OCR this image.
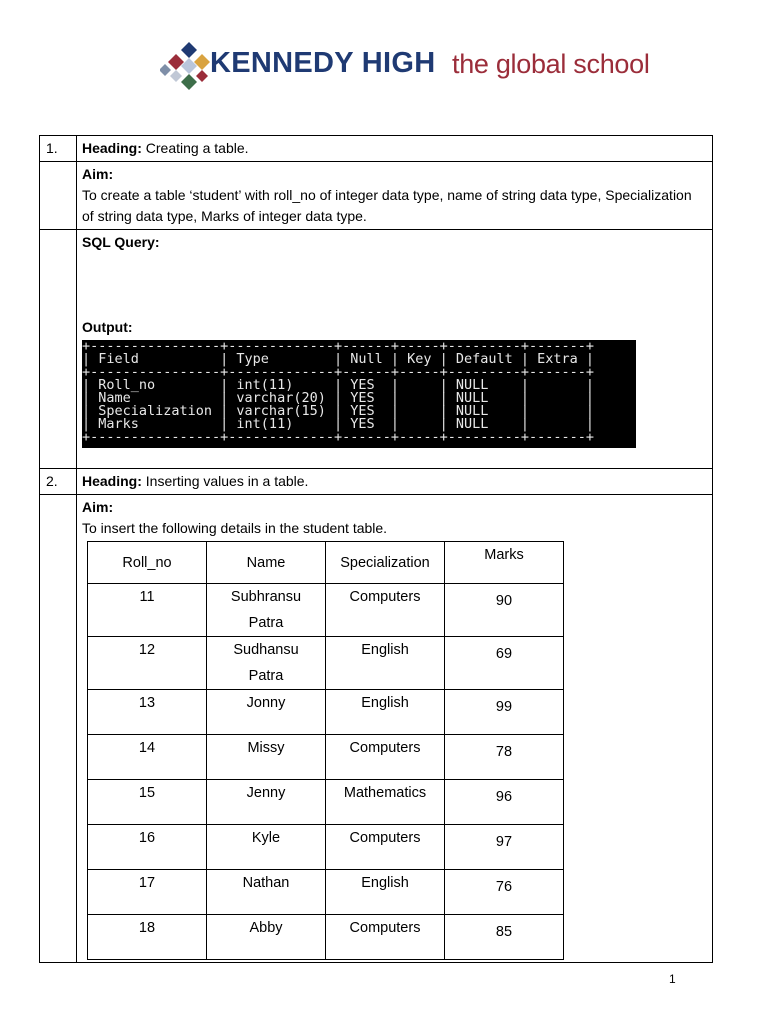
KENNEDY HIGH the global school
1.	Heading: Creating a table.

Aim:
To create a table ‘student’ with roll_no of integer data type, name of string data type, Specialization of string data type, Marks of integer data type.

SQL Query:
Output:
+----------------+-------------+------+-----+---------+-------+
| Field          | Type        | Null | Key | Default | Extra |
+----------------+-------------+------+-----+---------+-------+
| Roll_no        | int(11)     | YES  |     | NULL    |       |
| Name           | varchar(20) | YES  |     | NULL    |       |
| Specialization | varchar(15) | YES  |     | NULL    |       |
| Marks          | int(11)     | YES  |     | NULL    |       |
+----------------+-------------+------+-----+---------+-------+

2.	Heading: Inserting values in a table.

Aim:
To insert the following details in the student table.
Roll_no	Name	Specialization	Marks
11	Subhransu Patra	Computers	90
12	Sudhansu Patra	English	69
13	Jonny	English	99
14	Missy	Computers	78
15	Jenny	Mathematics	96
16	Kyle	Computers	97
17	Nathan	English	76
18	Abby	Computers	85
1
